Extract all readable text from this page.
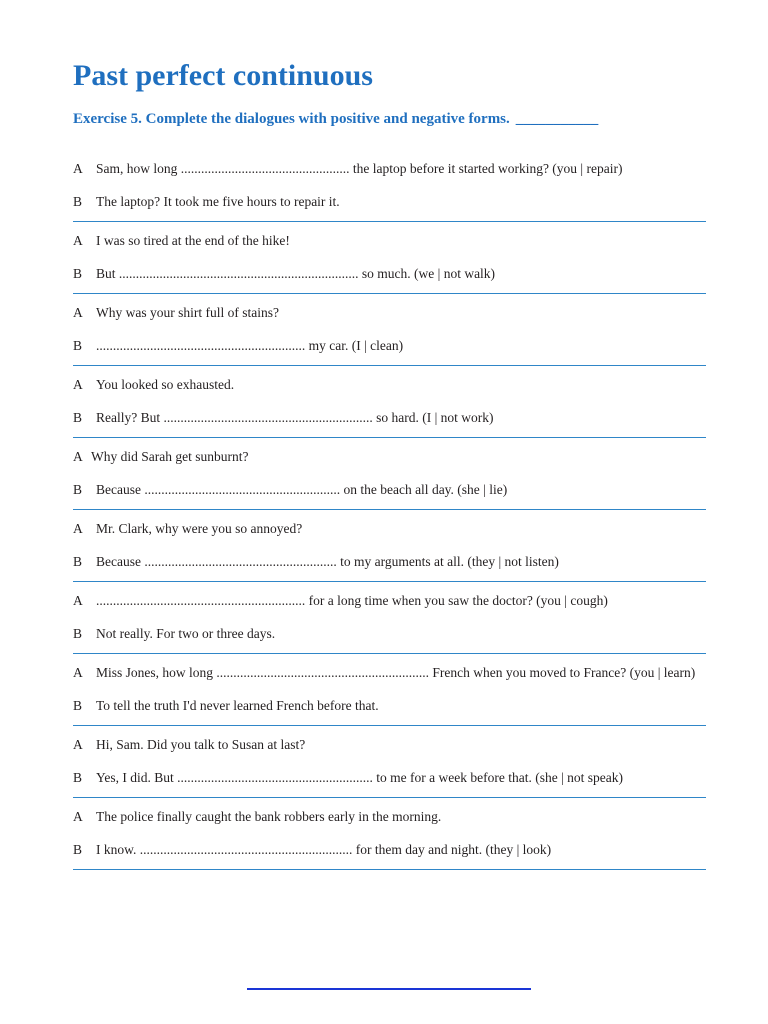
Past perfect continuous
Exercise 5. Complete the dialogues with positive and negative forms. ___________
A Sam, how long .................................................. the laptop before it started working? (you | repair)
B The laptop? It took me five hours to repair it.
A I was so tired at the end of the hike!
B But ....................................................................... so much. (we | not walk)
A Why was your shirt full of stains?
B .............................................................. my car. (I | clean)
A You looked so exhausted.
B Really? But .............................................................. so hard. (I | not work)
A Why did Sarah get sunburnt?
B Because .......................................................... on the beach all day. (she | lie)
A Mr. Clark, why were you so annoyed?
B Because ......................................................... to my arguments at all. (they | not listen)
A .............................................................. for a long time when you saw the doctor? (you | cough)
B Not really. For two or three days.
A Miss Jones, how long ............................................................... French when you moved to France? (you | learn)
B To tell the truth I'd never learned French before that.
A Hi, Sam. Did you talk to Susan at last?
B Yes, I did. But .......................................................... to me for a week before that. (she | not speak)
A The police finally caught the bank robbers early in the morning.
B I know. ............................................................... for them day and night. (they | look)
